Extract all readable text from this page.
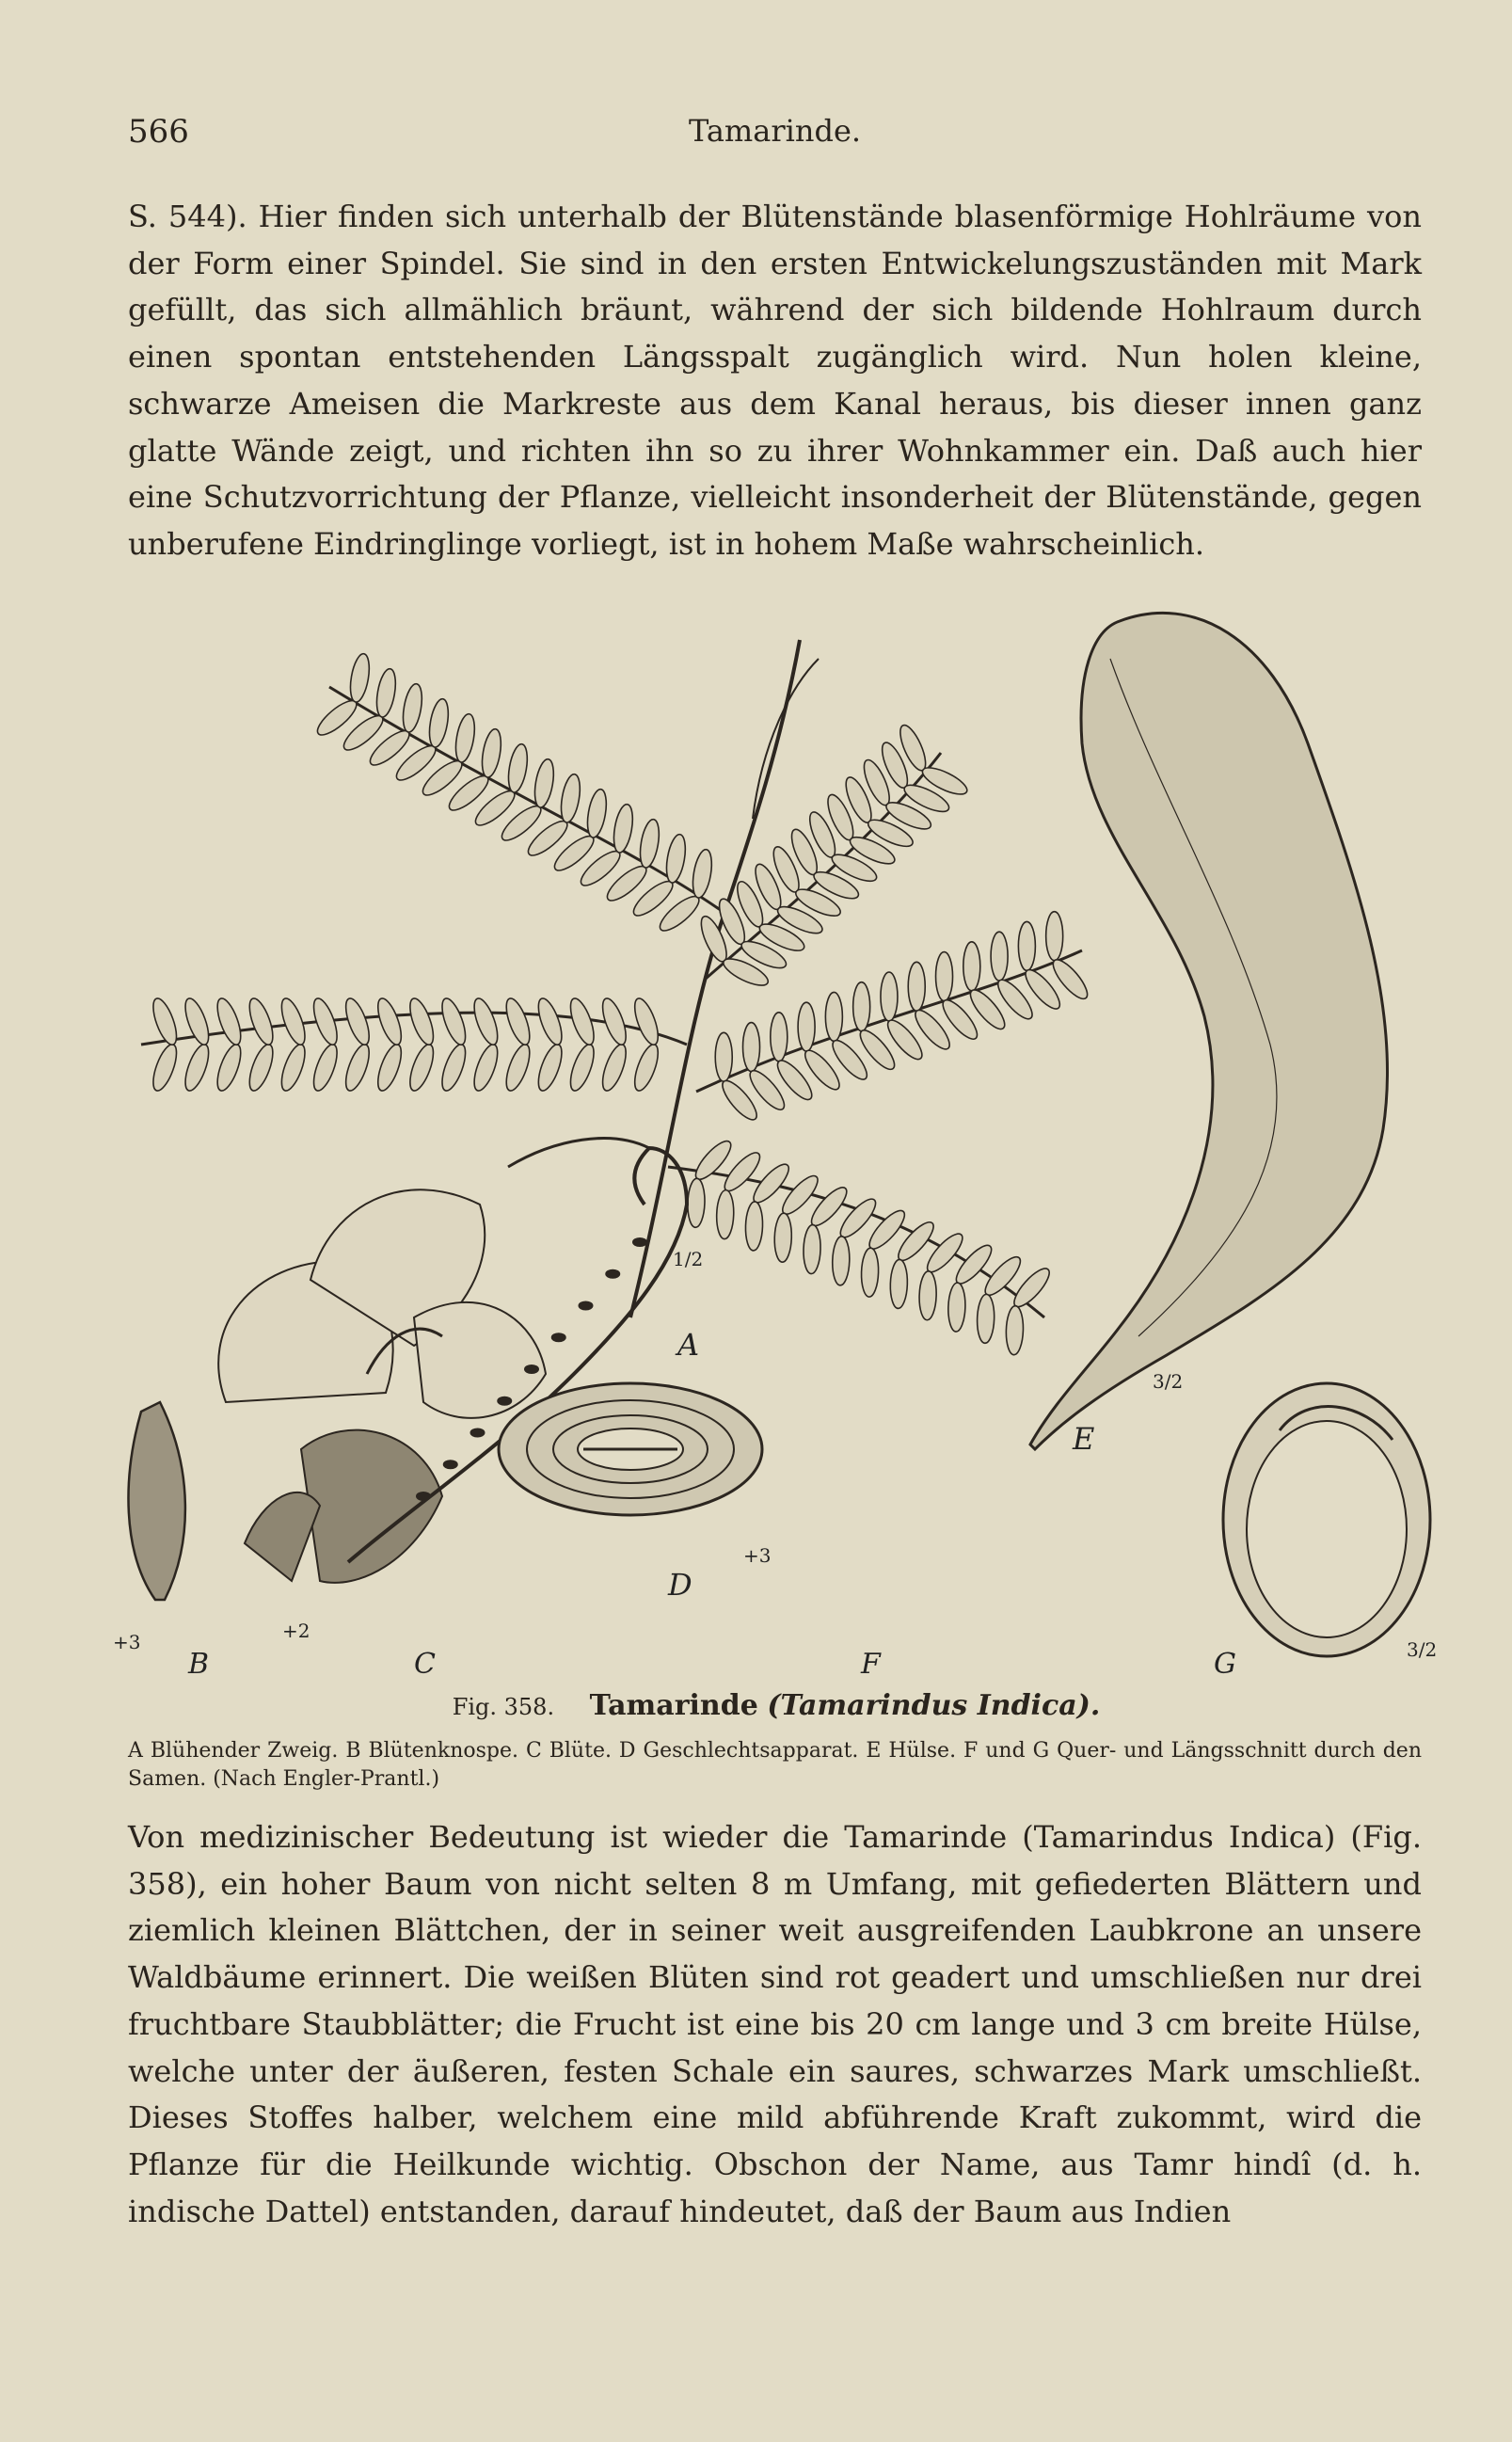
566	Tamarinde.

S. 544). Hier finden sich unterhalb der Blütenstände blasenförmige Hohlräume von der Form einer Spindel. Sie sind in den ersten Entwickelungszuständen mit Mark gefüllt, das sich allmählich bräunt, während der sich bildende Hohlraum durch einen spontan entstehenden Längsspalt zugänglich wird. Nun holen kleine, schwarze Ameisen die Markreste aus dem Kanal heraus, bis dieser innen ganz glatte Wände zeigt, und richten ihn so zu ihrer Wohnkammer ein. Daß auch hier eine Schutzvorrichtung der Pflanze, vielleicht insonderheit der Blütenstände, gegen unberufene Eindringlinge vorliegt, ist in hohem Maße wahrscheinlich.

A
B	C
D
E
F	G
1/2
+3	+2
+3
3/2
3/2
Fig. 358. Tamarinde (Tamarindus Indica).

A Blühender Zweig. B Blütenknospe. C Blüte. D Geschlechtsapparat. E Hülse. F und G Quer- und Längsschnitt durch den Samen. (Nach Engler-Prantl.)

Von medizinischer Bedeutung ist wieder die Tamarinde (Tamarindus Indica) (Fig. 358), ein hoher Baum von nicht selten 8 m Umfang, mit gefiederten Blättern und ziemlich kleinen Blättchen, der in seiner weit ausgreifenden Laubkrone an unsere Waldbäume erinnert. Die weißen Blüten sind rot geadert und umschließen nur drei fruchtbare Staubblätter; die Frucht ist eine bis 20 cm lange und 3 cm breite Hülse, welche unter der äußeren, festen Schale ein saures, schwarzes Mark umschließt. Dieses Stoffes halber, welchem eine mild abführende Kraft zukommt, wird die Pflanze für die Heilkunde wichtig. Obschon der Name, aus Tamr hindî (d. h. indische Dattel) entstanden, darauf hindeutet, daß der Baum aus Indien
